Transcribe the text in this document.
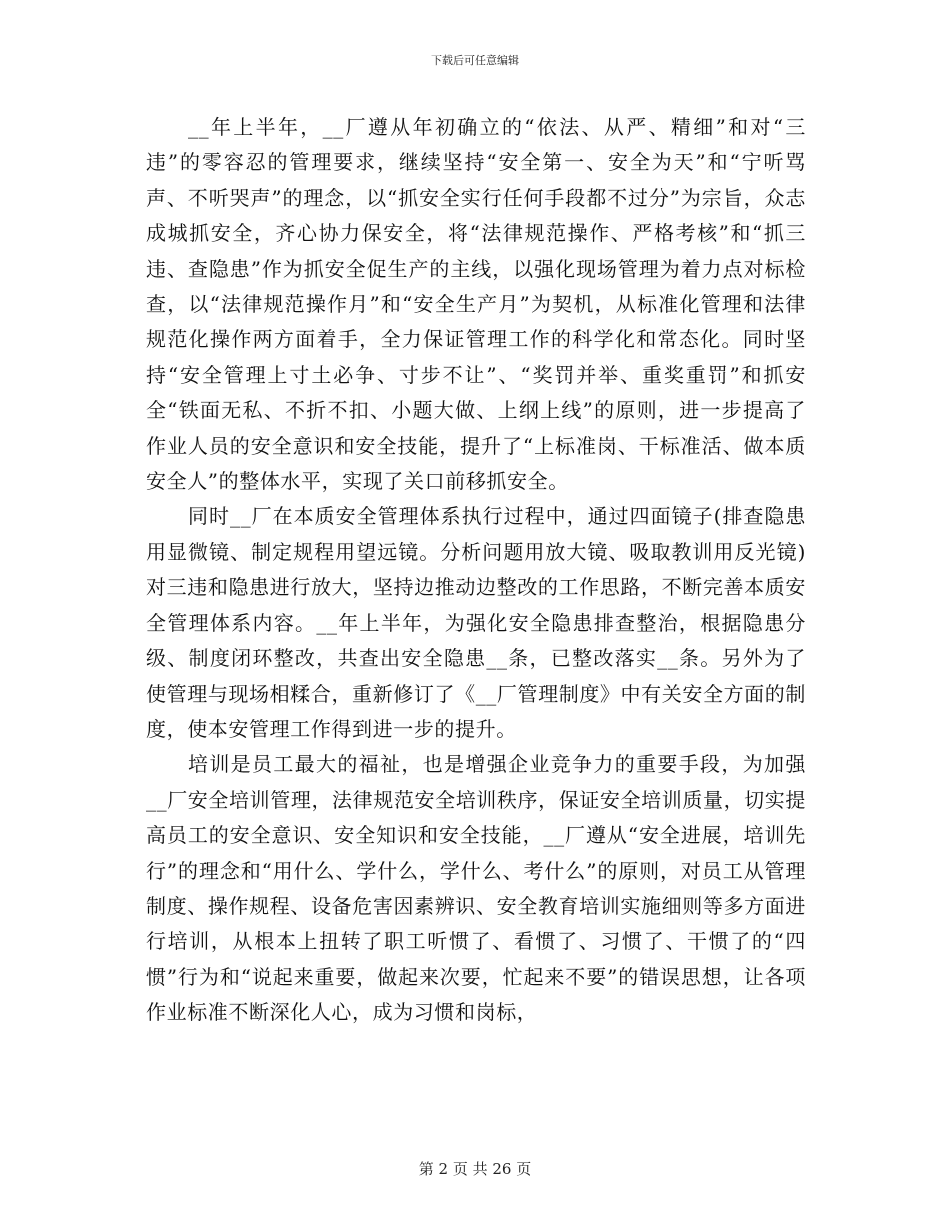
下载后可任意编辑

__年上半年，__厂遵从年初确立的“依法、从严、精细”和对“三违”的零容忍的管理要求，继续坚持“安全第一、安全为天”和“宁听骂声、不听哭声”的理念，以“抓安全实行任何手段都不过分”为宗旨，众志成城抓安全，齐心协力保安全，将“法律规范操作、严格考核”和“抓三违、查隐患”作为抓安全促生产的主线，以强化现场管理为着力点对标检查，以“法律规范操作月”和“安全生产月”为契机，从标准化管理和法律规范化操作两方面着手，全力保证管理工作的科学化和常态化。同时坚持“安全管理上寸土必争、寸步不让”、“奖罚并举、重奖重罚”和抓安全“铁面无私、不折不扣、小题大做、上纲上线”的原则，进一步提高了作业人员的安全意识和安全技能，提升了“上标准岗、干标准活、做本质安全人”的整体水平，实现了关口前移抓安全。

同时__厂在本质安全管理体系执行过程中，通过四面镜子(排查隐患用显微镜、制定规程用望远镜。分析问题用放大镜、吸取教训用反光镜)对三违和隐患进行放大，坚持边推动边整改的工作思路，不断完善本质安全管理体系内容。__年上半年，为强化安全隐患排查整治，根据隐患分级、制度闭环整改，共查出安全隐患__条，已整改落实__条。另外为了使管理与现场相糅合，重新修订了《__厂管理制度》中有关安全方面的制度，使本安管理工作得到进一步的提升。

培训是员工最大的福祉，也是增强企业竞争力的重要手段，为加强__厂安全培训管理，法律规范安全培训秩序，保证安全培训质量，切实提高员工的安全意识、安全知识和安全技能，__厂遵从“安全进展，培训先行”的理念和“用什么、学什么，学什么、考什么”的原则，对员工从管理制度、操作规程、设备危害因素辨识、安全教育培训实施细则等多方面进行培训，从根本上扭转了职工听惯了、看惯了、习惯了、干惯了的“四惯”行为和“说起来重要，做起来次要，忙起来不要”的错误思想，让各项作业标准不断深化人心，成为习惯和岗标，

第 2 页 共 26 页
